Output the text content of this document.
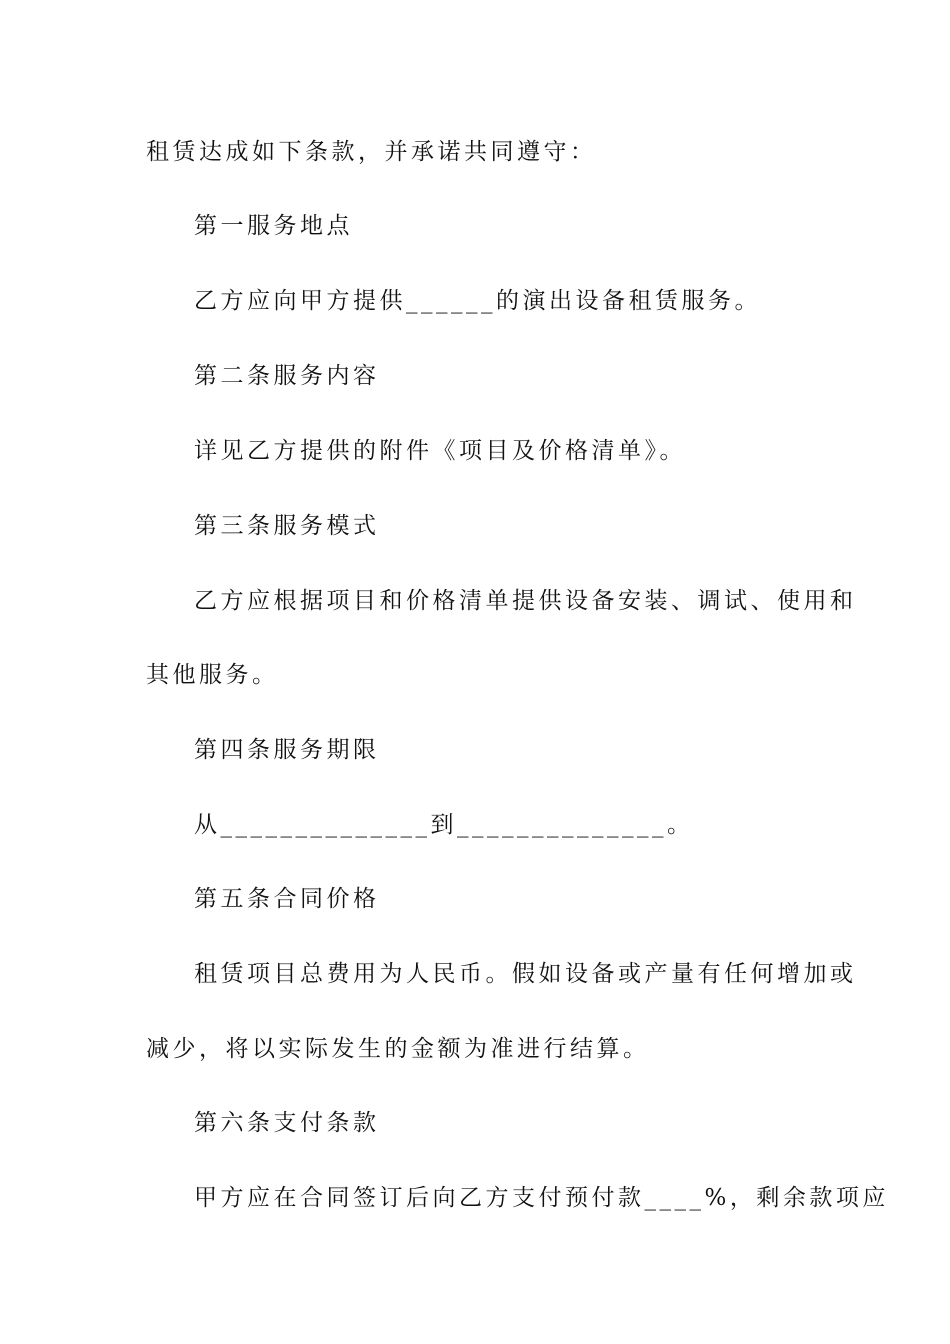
租赁达成如下条款，并承诺共同遵守：
第一服务地点
乙方应向甲方提供______的演出设备租赁服务。
第二条服务内容
详见乙方提供的附件《项目及价格清单》。
第三条服务模式
乙方应根据项目和价格清单提供设备安装、调试、使用和
其他服务。
第四条服务期限
从______________到______________。
第五条合同价格
租赁项目总费用为人民币。假如设备或产量有任何增加或
减少，将以实际发生的金额为准进行结算。
第六条支付条款
甲方应在合同签订后向乙方支付预付款____%，剩余款项应
